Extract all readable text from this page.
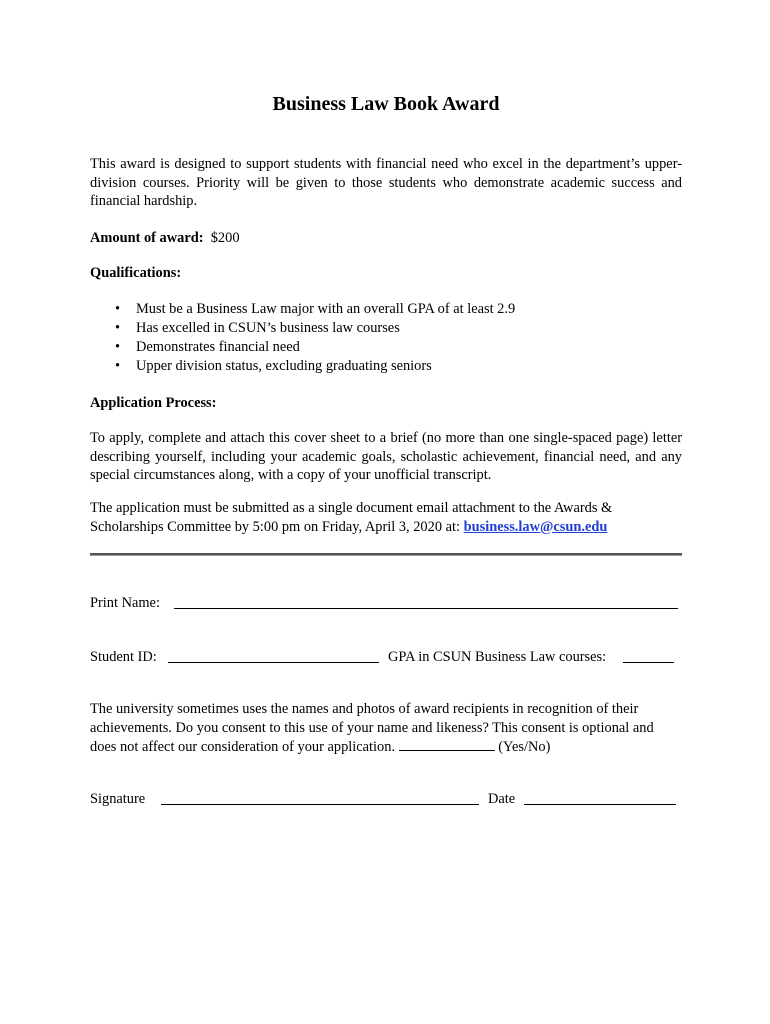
Business Law Book Award

This award is designed to support students with financial need who excel in the department’s upper-division courses. Priority will be given to those students who demonstrate academic success and financial hardship.

Amount of award: $200

Qualifications:

• Must be a Business Law major with an overall GPA of at least 2.9
• Has excelled in CSUN’s business law courses
• Demonstrates financial need
• Upper division status, excluding graduating seniors

Application Process:

To apply, complete and attach this cover sheet to a brief (no more than one single-spaced page) letter describing yourself, including your academic goals, scholastic achievement, financial need, and any special circumstances along, with a copy of your unofficial transcript.

The application must be submitted as a single document email attachment to the Awards & Scholarships Committee by 5:00 pm on Friday, April 3, 2020 at: business.law@csun.edu

Print Name:
Student ID:	GPA in CSUN Business Law courses:

The university sometimes uses the names and photos of award recipients in recognition of their achievements. Do you consent to this use of your name and likeness? This consent is optional and does not affect our consideration of your application.	(Yes/No)

Signature	Date
